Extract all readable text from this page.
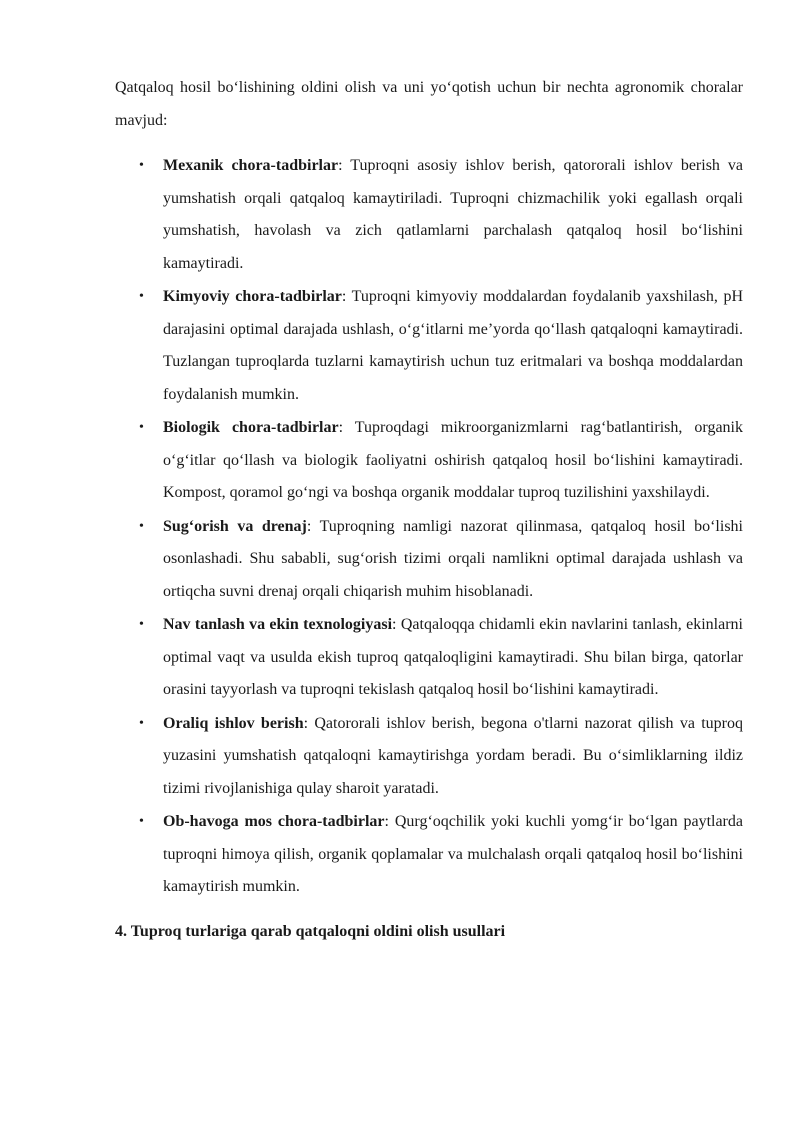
Qatqaloq hosil boʻlishining oldini olish va uni yoʻqotish uchun bir nechta agronomik choralar mavjud:

• Mexanik chora-tadbirlar: Tuproqni asosiy ishlov berish, qatororali ishlov berish va yumshatish orqali qatqaloq kamaytiriladi. Tuproqni chizmachilik yoki egallash orqali yumshatish, havolash va zich qatlamlarni parchalash qatqaloq hosil boʻlishini kamaytiradi.
• Kimyoviy chora-tadbirlar: Tuproqni kimyoviy moddalardan foydalanib yaxshilash, pH darajasini optimal darajada ushlash, oʻgʻitlarni me’yorda qoʻllash qatqaloqni kamaytiradi. Tuzlangan tuproqlarda tuzlarni kamaytirish uchun tuz eritmalari va boshqa moddalardan foydalanish mumkin.
• Biologik chora-tadbirlar: Tuproqdagi mikroorganizmlarni ragʻbatlantirish, organik oʻgʻitlar qoʻllash va biologik faoliyatni oshirish qatqaloq hosil boʻlishini kamaytiradi. Kompost, qoramol goʻngi va boshqa organik moddalar tuproq tuzilishini yaxshilaydi.
• Sugʻorish va drenaj: Tuproqning namligi nazorat qilinmasa, qatqaloq hosil boʻlishi osonlashadi. Shu sababli, sugʻorish tizimi orqali namlikni optimal darajada ushlash va ortiqcha suvni drenaj orqali chiqarish muhim hisoblanadi.
• Nav tanlash va ekin texnologiyasi: Qatqaloqqa chidamli ekin navlarini tanlash, ekinlarni optimal vaqt va usulda ekish tuproq qatqaloqligini kamaytiradi. Shu bilan birga, qatorlar orasini tayyorlash va tuproqni tekislash qatqaloq hosil boʻlishini kamaytiradi.
• Oraliq ishlov berish: Qatororali ishlov berish, begona o'tlarni nazorat qilish va tuproq yuzasini yumshatish qatqaloqni kamaytirishga yordam beradi. Bu oʻsimliklarning ildiz tizimi rivojlanishiga qulay sharoit yaratadi.
• Ob-havoga mos chora-tadbirlar: Qurgʻoqchilik yoki kuchli yomgʻir boʻlgan paytlarda tuproqni himoya qilish, organik qoplamalar va mulchalash orqali qatqaloq hosil boʻlishini kamaytirish mumkin.

4. Tuproq turlariga qarab qatqaloqni oldini olish usullari
